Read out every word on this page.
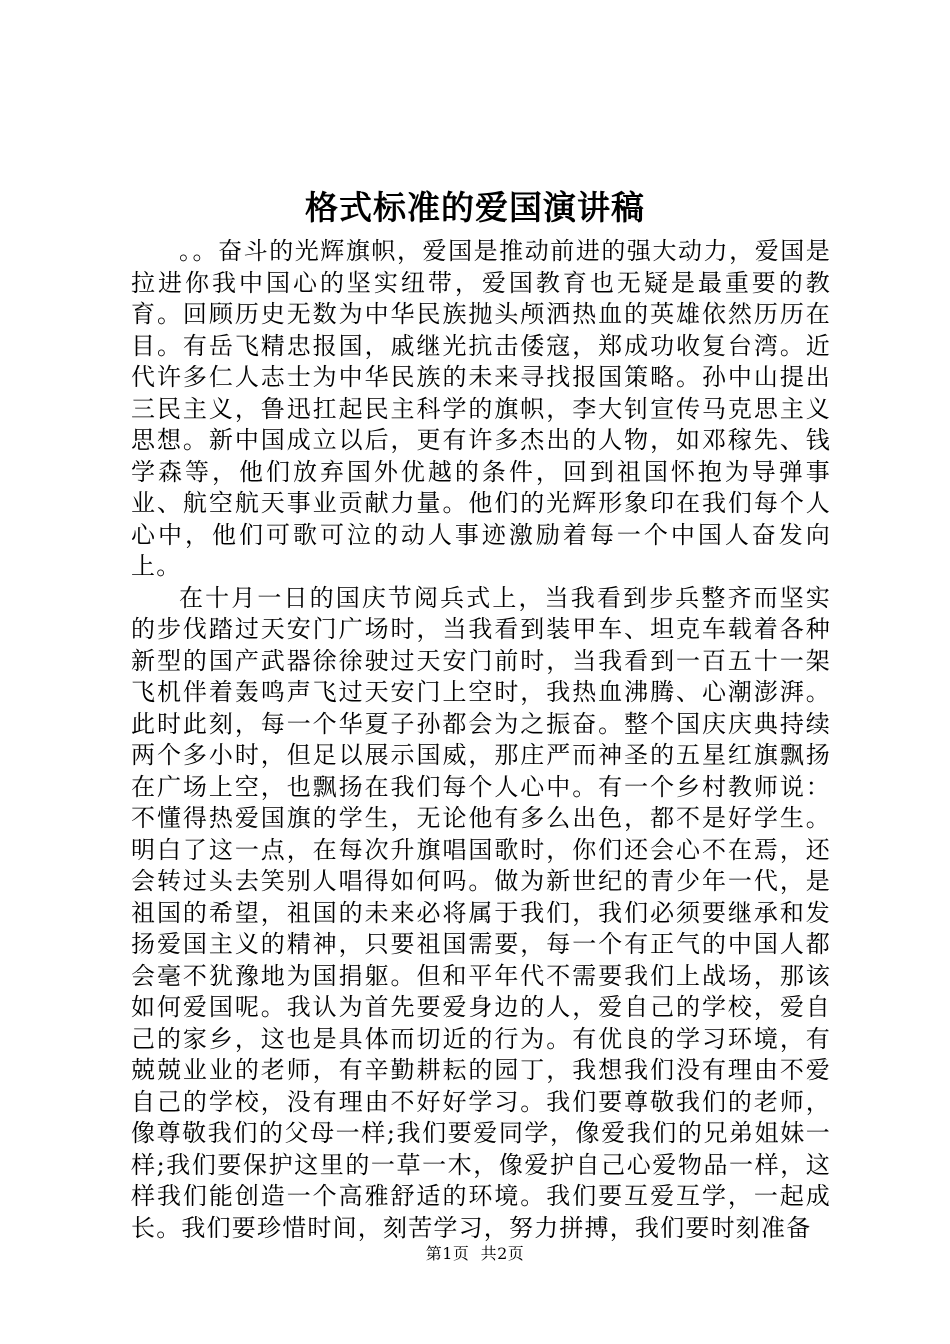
格式标准的爱国演讲稿

。。奋斗的光辉旗帜，爱国是推动前进的强大动力，爱国是拉进你我中国心的坚实纽带，爱国教育也无疑是最重要的教育。回顾历史无数为中华民族抛头颅洒热血的英雄依然历历在目。有岳飞精忠报国，戚继光抗击倭寇，郑成功收复台湾。近代许多仁人志士为中华民族的未来寻找报国策略。孙中山提出三民主义，鲁迅扛起民主科学的旗帜，李大钊宣传马克思主义思想。新中国成立以后，更有许多杰出的人物，如邓稼先、钱学森等，他们放弃国外优越的条件，回到祖国怀抱为导弹事业、航空航天事业贡献力量。他们的光辉形象印在我们每个人心中，他们可歌可泣的动人事迹激励着每一个中国人奋发向上。

在十月一日的国庆节阅兵式上，当我看到步兵整齐而坚实的步伐踏过天安门广场时，当我看到装甲车、坦克车载着各种新型的国产武器徐徐驶过天安门前时，当我看到一百五十一架飞机伴着轰鸣声飞过天安门上空时，我热血沸腾、心潮澎湃。此时此刻，每一个华夏子孙都会为之振奋。整个国庆庆典持续两个多小时，但足以展示国威，那庄严而神圣的五星红旗飘扬在广场上空，也飘扬在我们每个人心中。有一个乡村教师说：不懂得热爱国旗的学生，无论他有多么出色，都不是好学生。明白了这一点，在每次升旗唱国歌时，你们还会心不在焉，还会转过头去笑别人唱得如何吗。做为新世纪的青少年一代，是祖国的希望，祖国的未来必将属于我们，我们必须要继承和发扬爱国主义的精神，只要祖国需要，每一个有正气的中国人都会毫不犹豫地为国捐躯。但和平年代不需要我们上战场，那该如何爱国呢。我认为首先要爱身边的人，爱自己的学校，爱自己的家乡，这也是具体而切近的行为。有优良的学习环境，有兢兢业业的老师，有辛勤耕耘的园丁，我想我们没有理由不爱自己的学校，没有理由不好好学习。我们要尊敬我们的老师，像尊敬我们的父母一样;我们要爱同学，像爱我们的兄弟姐妹一样;我们要保护这里的一草一木，像爱护自己心爱物品一样，这样我们能创造一个高雅舒适的环境。我们要互爱互学，一起成长。我们要珍惜时间，刻苦学习，努力拼搏，我们要时刻准备

第1页 共2页
